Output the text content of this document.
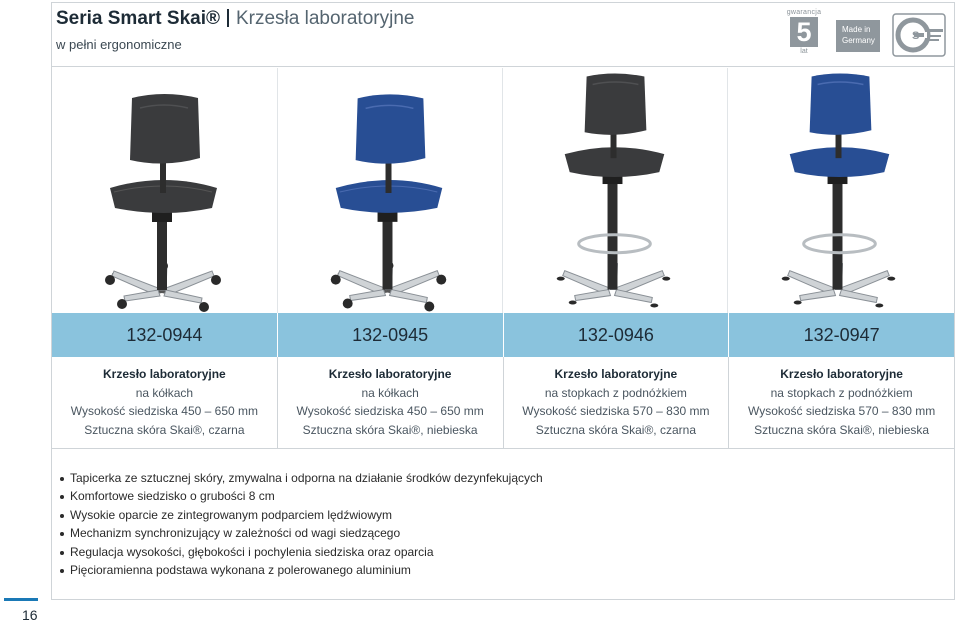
Seria Smart Skai® Krzesła laboratoryjne
w pełni ergonomiczne
gwarancja
5
lat
Made in
Germany	S
132-0944	132-0945	132-0946	132-0947
Krzesło laboratoryjne
na kółkach
Wysokość siedziska 450 – 650 mm
Sztuczna skóra Skai®, czarna
Krzesło laboratoryjne
na kółkach
Wysokość siedziska 450 – 650 mm
Sztuczna skóra Skai®, niebieska
Krzesło laboratoryjne
na stopkach z podnóżkiem
Wysokość siedziska 570 – 830 mm
Sztuczna skóra Skai®, czarna
Krzesło laboratoryjne
na stopkach z podnóżkiem
Wysokość siedziska 570 – 830 mm
Sztuczna skóra Skai®, niebieska
Tapicerka ze sztucznej skóry, zmywalna i odporna na działanie środków dezynfekujących
Komfortowe siedzisko o grubości 8 cm
Wysokie oparcie ze zintegrowanym podparciem lędźwiowym
Mechanizm synchronizujący w zależności od wagi siedzącego
Regulacja wysokości, głębokości i pochylenia siedziska oraz oparcia
Pięcioramienna podstawa wykonana z polerowanego aluminium
16
